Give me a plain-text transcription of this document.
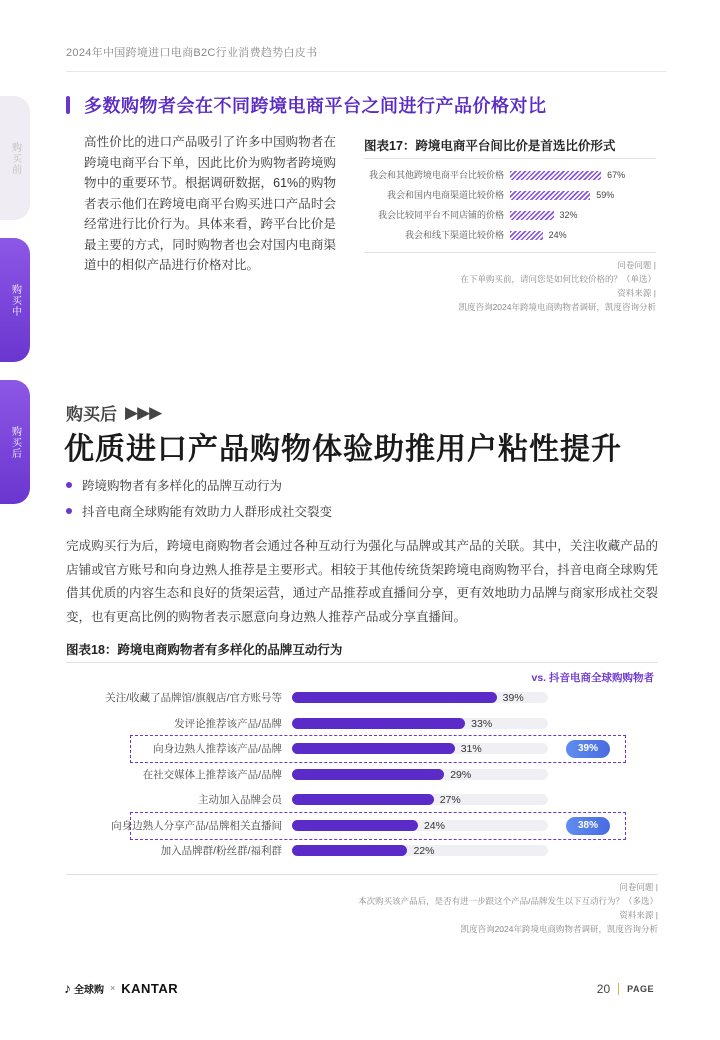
2024年中国跨境进口电商B2C行业消费趋势白皮书
购买前
购买中
购买后
多数购物者会在不同跨境电商平台之间进行产品价格对比

高性价比的进口产品吸引了许多中国购物者在跨境电商平台下单，因此比价为购物者跨境购物中的重要环节。根据调研数据，61%的购物者表示他们在跨境电商平台购买进口产品时会经常进行比价行为。具体来看，跨平台比价是最主要的方式，同时购物者也会对国内电商渠道中的相似产品进行价格对比。

图表17：跨境电商平台间比价是首选比价形式
我会和其他跨境电商平台比较价格	67%
我会和国内电商渠道比较价格	59%
我会比较同平台不同店铺的价格	32%
我会和线下渠道比较价格	24%
问卷问题 |
在下单购买前，请问您是如何比较价格的？（单选）
资料来源 |
凯度咨询2024年跨境电商购物者调研，凯度咨询分析
购买后 ▶▶▶
优质进口产品购物体验助推用户粘性提升
跨境购物者有多样化的品牌互动行为
抖音电商全球购能有效助力人群形成社交裂变

完成购买行为后，跨境电商购物者会通过各种互动行为强化与品牌或其产品的关联。其中，关注收藏产品的店铺或官方账号和向身边熟人推荐是主要形式。相较于其他传统货架跨境电商购物平台，抖音电商全球购凭借其优质的内容生态和良好的货架运营，通过产品推荐或直播间分享，更有效地助力品牌与商家形成社交裂变，也有更高比例的购物者表示愿意向身边熟人推荐产品或分享直播间。

图表18：跨境电商购物者有多样化的品牌互动行为
vs. 抖音电商全球购购物者
关注/收藏了品牌馆/旗舰店/官方账号等	39%
发评论推荐该产品/品牌	33%
向身边熟人推荐该产品/品牌	31%	39%
在社交媒体上推荐该产品/品牌	29%
主动加入品牌会员	27%
向身边熟人分享产品/品牌相关直播间	24%	38%
加入品牌群/粉丝群/福利群	22%
问卷问题 |
本次购买该产品后，是否有进一步跟这个产品/品牌发生以下互动行为？（多选）
资料来源 |
凯度咨询2024年跨境电商购物者调研，凯度咨询分析
♪ 全球购 × KANTAR	20 PAGE
